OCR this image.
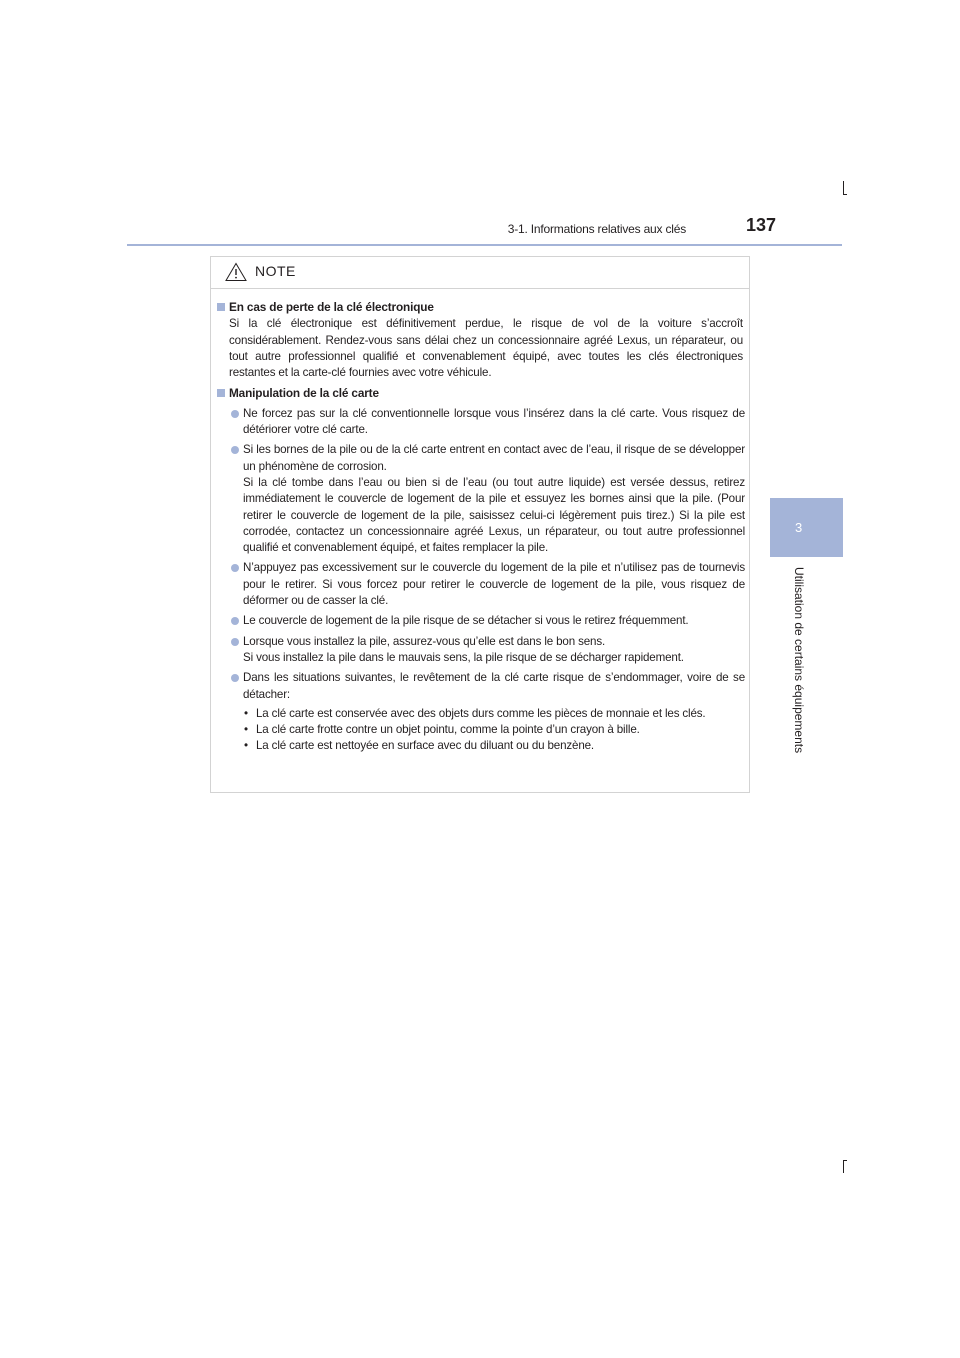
3-1. Informations relatives aux clés	137
3
Utilisation de certains équipements
NOTE
En cas de perte de la clé électronique

Si la clé électronique est définitivement perdue, le risque de vol de la voiture s’accroît considérablement. Rendez-vous sans délai chez un concessionnaire agréé Lexus, un réparateur, ou tout autre professionnel qualifié et convenablement équipé, avec toutes les clés électroniques restantes et la carte-clé fournies avec votre véhicule.

Manipulation de la clé carte

Ne forcez pas sur la clé conventionnelle lorsque vous l’insérez dans la clé carte. Vous risquez de détériorer votre clé carte.

Si les bornes de la pile ou de la clé carte entrent en contact avec de l’eau, il risque de se développer un phénomène de corrosion.

Si la clé tombe dans l’eau ou bien si de l’eau (ou tout autre liquide) est versée dessus, retirez immédiatement le couvercle de logement de la pile et essuyez les bornes ainsi que la pile. (Pour retirer le couvercle de logement de la pile, saisissez celui-ci légèrement puis tirez.) Si la pile est corrodée, contactez un concessionnaire agréé Lexus, un réparateur, ou tout autre professionnel qualifié et convenablement équipé, et faites remplacer la pile.

N’appuyez pas excessivement sur le couvercle du logement de la pile et n’utilisez pas de tournevis pour le retirer. Si vous forcez pour retirer le couvercle de logement de la pile, vous risquez de déformer ou de casser la clé.

Le couvercle de logement de la pile risque de se détacher si vous le retirez fréquemment.

Lorsque vous installez la pile, assurez-vous qu’elle est dans le bon sens.

Si vous installez la pile dans le mauvais sens, la pile risque de se décharger rapidement.

Dans les situations suivantes, le revêtement de la clé carte risque de s’endommager, voire de se détacher:

• La clé carte est conservée avec des objets durs comme les pièces de monnaie et les clés.
• La clé carte frotte contre un objet pointu, comme la pointe d’un crayon à bille.
• La clé carte est nettoyée en surface avec du diluant ou du benzène.
